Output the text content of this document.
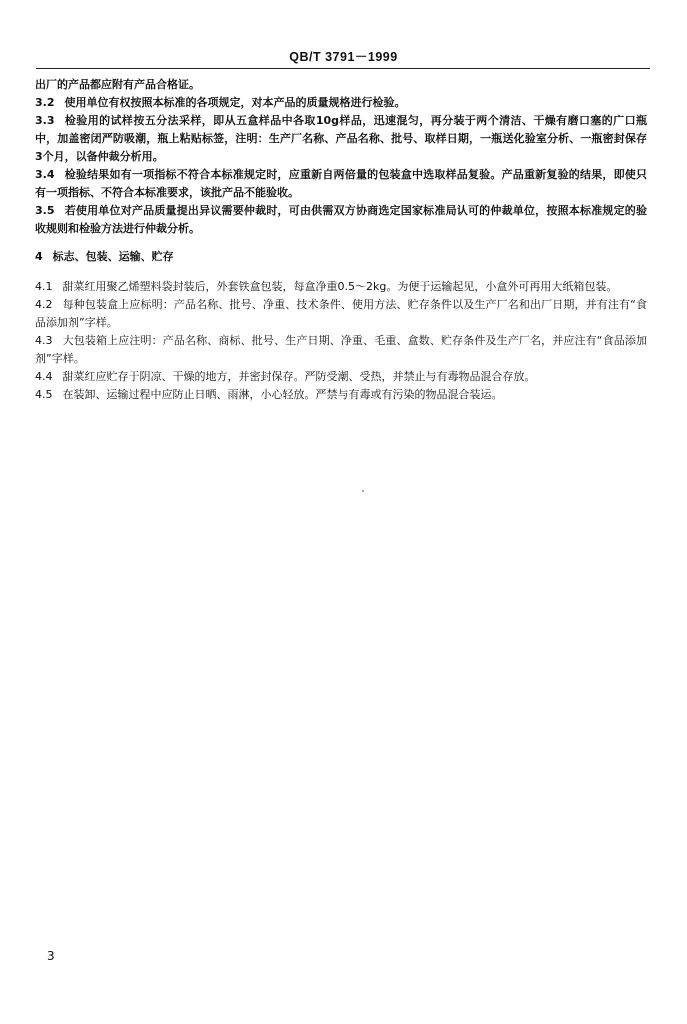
QB/T 3791－1999

出厂的产品都应附有产品合格证。

3.2 使用单位有权按照本标准的各项规定，对本产品的质量规格进行检验。

3.3 检验用的试样按五分法采样，即从五盒样品中各取10g样品，迅速混匀，再分装于两个清洁、干燥有磨口塞的广口瓶中，加盖密闭严防吸潮，瓶上粘贴标签，注明：生产厂名称、产品名称、批号、取样日期，一瓶送化验室分析、一瓶密封保存3个月，以备仲裁分析用。

3.4 检验结果如有一项指标不符合本标准规定时，应重新自两倍量的包装盒中选取样品复验。产品重新复验的结果，即使只有一项指标、不符合本标准要求，该批产品不能验收。

3.5 若使用单位对产品质量提出异议需要仲裁时，可由供需双方协商选定国家标准局认可的仲裁单位，按照本标准规定的验收规则和检验方法进行仲裁分析。

4 标志、包装、运输、贮存

4.1 甜菜红用聚乙烯塑料袋封装后，外套铁盒包装，每盒净重0.5～2kg。为便于运输起见，小盒外可再用大纸箱包装。

4.2 每种包装盒上应标明：产品名称、批号、净重、技术条件、使用方法、贮存条件以及生产厂名和出厂日期，并有注有“食品添加剂”字样。

4.3 大包装箱上应注明：产品名称、商标、批号、生产日期、净重、毛重、盒数、贮存条件及生产厂名，并应注有“食品添加剂”字样。

4.4 甜菜红应贮存于阴凉、干燥的地方，并密封保存。严防受潮、受热，并禁止与有毒物品混合存放。

4.5 在装卸、运输过程中应防止日晒、雨淋，小心轻放。严禁与有毒或有污染的物品混合装运。

3
